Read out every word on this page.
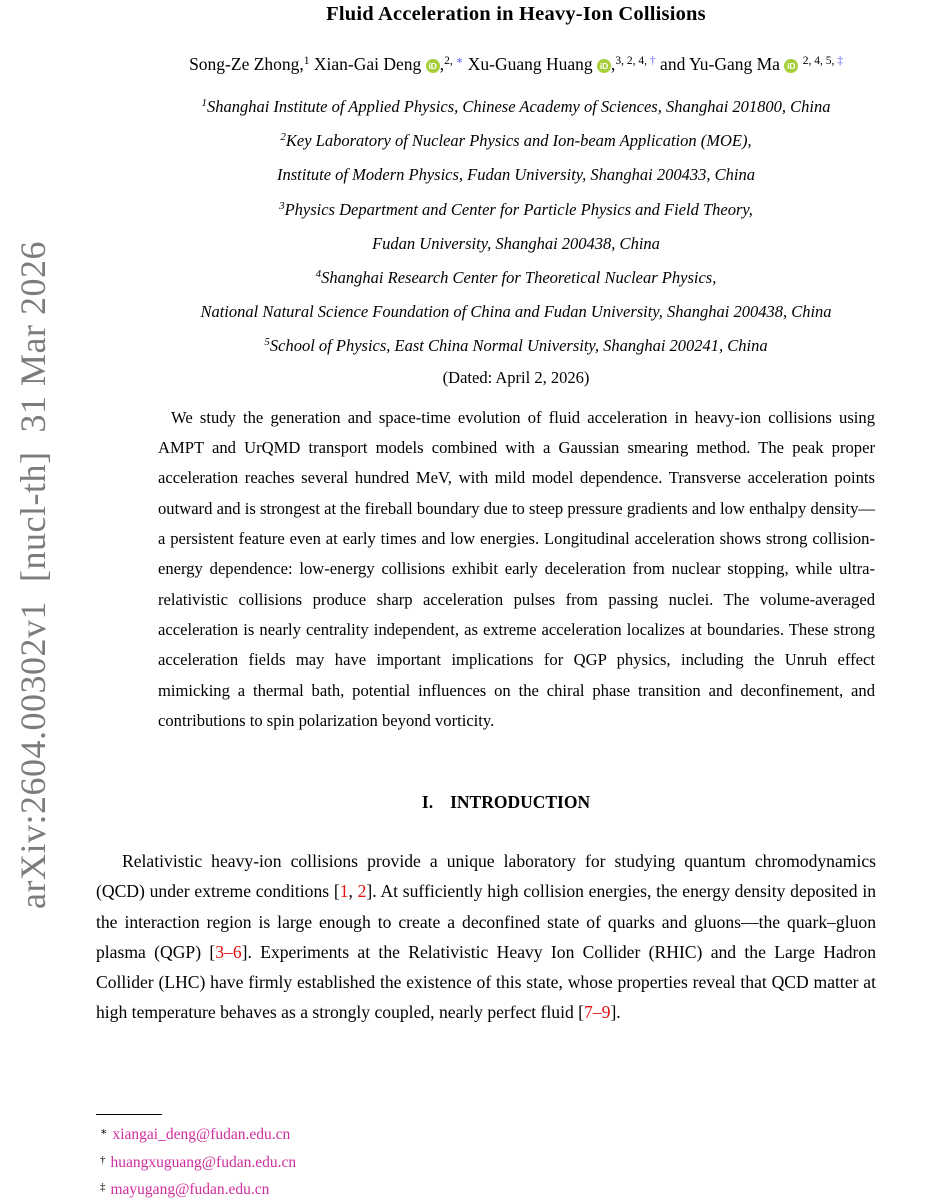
arXiv:2604.00302v1  [nucl-th]  31 Mar 2026
Fluid Acceleration in Heavy-Ion Collisions
Song-Ze Zhong,$^1$ Xian-Gai Deng iD ,$^{2,}$ ∗ Xu-Guang Huang iD ,$^{3, 2, 4,}$ † and Yu-Gang Ma iD $^{2, 4, 5,}$ ‡
$^1$Shanghai Institute of Applied Physics, Chinese Academy of Sciences, Shanghai 201800, China
$^2$Key Laboratory of Nuclear Physics and Ion-beam Application (MOE),
Institute of Modern Physics, Fudan University, Shanghai 200433, China
$^3$Physics Department and Center for Particle Physics and Field Theory,
Fudan University, Shanghai 200438, China
$^4$Shanghai Research Center for Theoretical Nuclear Physics,
National Natural Science Foundation of China and Fudan University, Shanghai 200438, China
$^5$School of Physics, East China Normal University, Shanghai 200241, China
(Dated: April 2, 2026)

We study the generation and space-time evolution of fluid acceleration in heavy-ion collisions using AMPT and UrQMD transport models combined with a Gaussian smearing method. The peak proper acceleration reaches several hundred MeV, with mild model dependence. Transverse acceleration points outward and is strongest at the fireball boundary due to steep pressure gradients and low enthalpy density—a persistent feature even at early times and low energies. Longitudinal acceleration shows strong collision-energy dependence: low-energy collisions exhibit early deceleration from nuclear stopping, while ultra-relativistic collisions produce sharp acceleration pulses from passing nuclei. The volume-averaged acceleration is nearly centrality independent, as extreme acceleration localizes at boundaries. These strong acceleration fields may have important implications for QGP physics, including the Unruh effect mimicking a thermal bath, potential influences on the chiral phase transition and deconfinement, and contributions to spin polarization beyond vorticity.

I. INTRODUCTION

Relativistic heavy-ion collisions provide a unique laboratory for studying quantum chromodynamics (QCD) under extreme conditions [1, 2]. At sufficiently high collision energies, the energy density deposited in the interaction region is large enough to create a deconfined state of quarks and gluons—the quark–gluon plasma (QGP) [3–6]. Experiments at the Relativistic Heavy Ion Collider (RHIC) and the Large Hadron Collider (LHC) have firmly established the existence of this state, whose properties reveal that QCD matter at high temperature behaves as a strongly coupled, nearly perfect fluid [7–9].

∗ xiangai_deng@fudan.edu.cn
† huangxuguang@fudan.edu.cn
‡ mayugang@fudan.edu.cn
